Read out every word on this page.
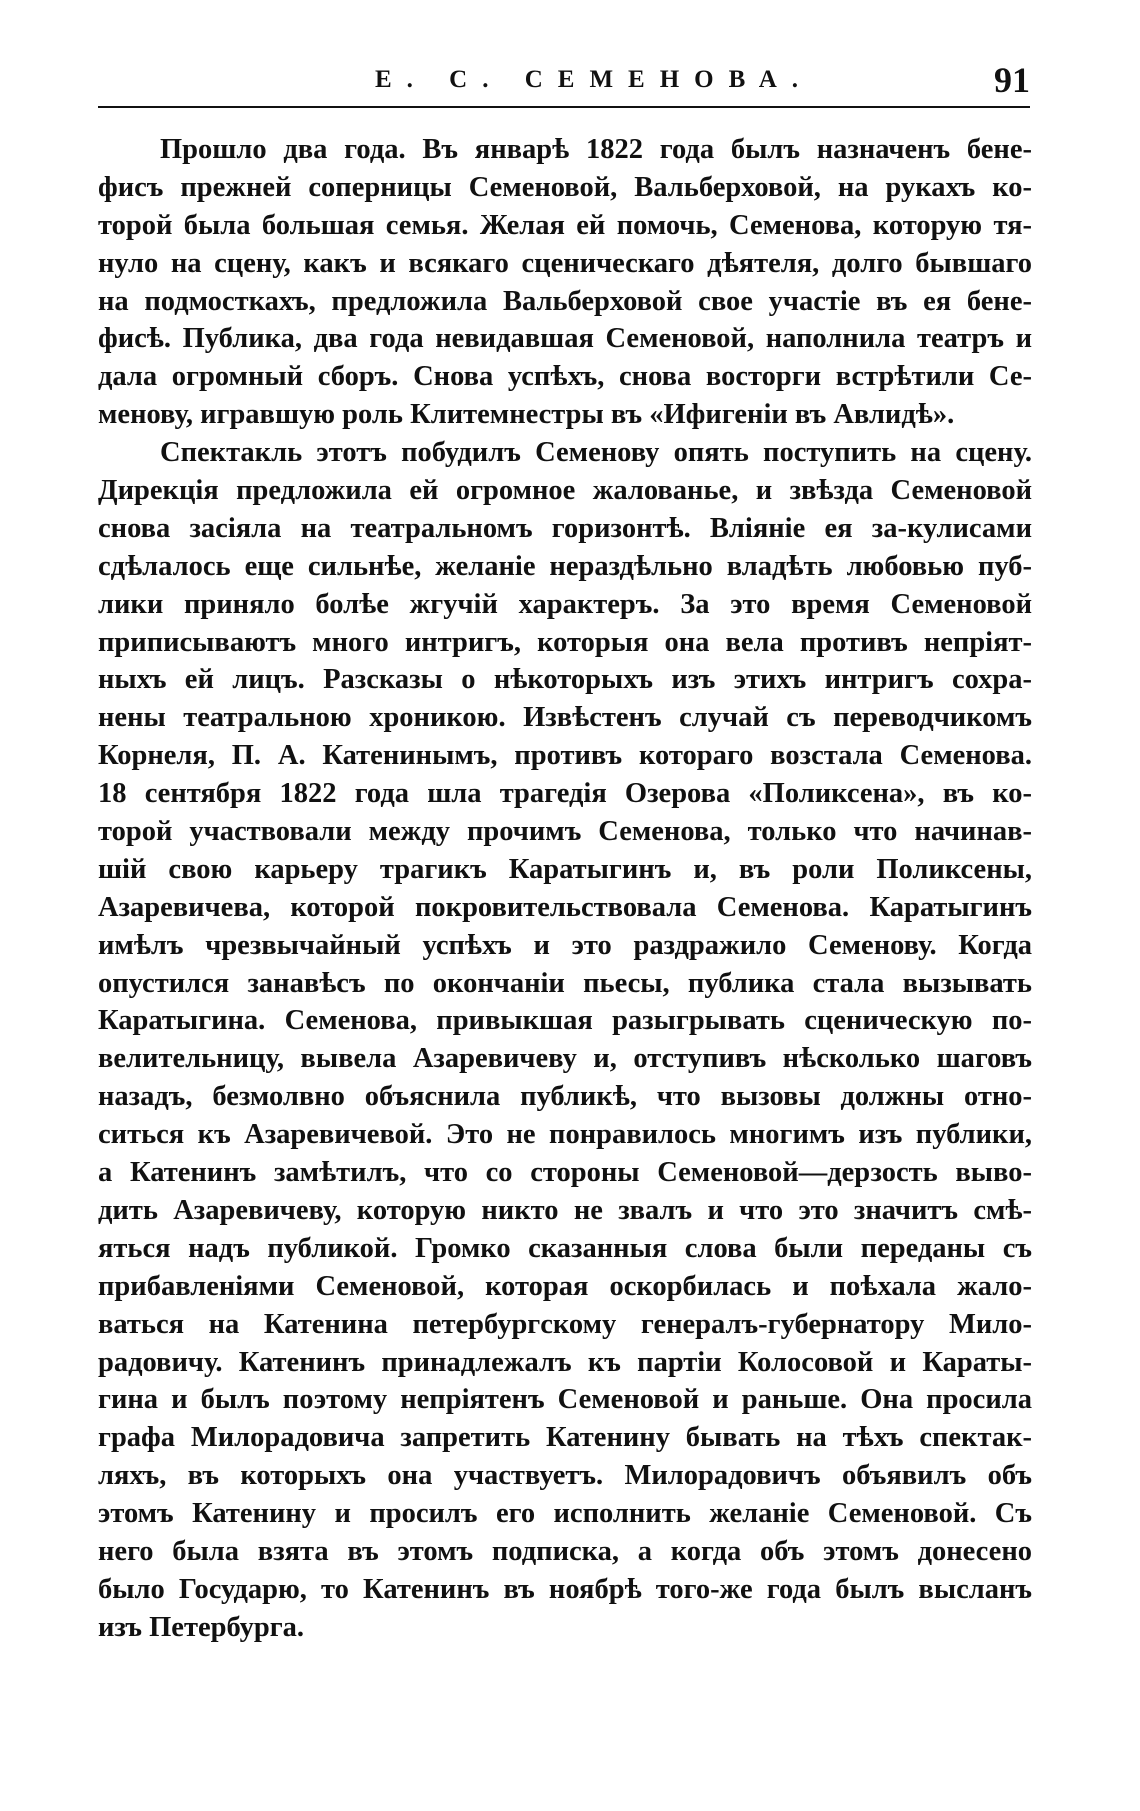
Е. С. СЕМЕНОВА.	91
Прошло два года. Въ январѣ 1822 года былъ назначенъ бене-
фисъ прежней соперницы Семеновой, Вальберховой, на рукахъ ко-
торой была большая семья. Желая ей помочь, Семенова, которую тя-
нуло на сцену, какъ и всякаго сценическаго дѣятеля, долго бывшаго
на подмосткахъ, предложила Вальберховой свое участіе въ ея бене-
фисѣ. Публика, два года невидавшая Семеновой, наполнила театръ и
дала огромный сборъ. Снова успѣхъ, снова восторги встрѣтили Се-
менову, игравшую роль Клитемнестры въ «Ифигеніи въ Авлидѣ».
Спектакль этотъ побудилъ Семенову опять поступить на сцену.
Дирекція предложила ей огромное жалованье, и звѣзда Семеновой
снова засіяла на театральномъ горизонтѣ. Вліяніе ея за-кулисами
сдѣлалось еще сильнѣе, желаніе нераздѣльно владѣть любовью пуб-
лики приняло болѣе жгучій характеръ. За это время Семеновой
приписываютъ много интригъ, которыя она вела противъ непріят-
ныхъ ей лицъ. Разсказы о нѣкоторыхъ изъ этихъ интригъ сохра-
нены театральною хроникою. Извѣстенъ случай съ переводчикомъ
Корнеля, П. А. Катенинымъ, противъ котораго возстала Семенова.
18 сентября 1822 года шла трагедія Озерова «Поликсена», въ ко-
торой участвовали между прочимъ Семенова, только что начинав-
шій свою карьеру трагикъ Каратыгинъ и, въ роли Поликсены,
Азаревичева, которой покровительствовала Семенова. Каратыгинъ
имѣлъ чрезвычайный успѣхъ и это раздражило Семенову. Когда
опустился занавѣсъ по окончаніи пьесы, публика стала вызывать
Каратыгина. Семенова, привыкшая разыгрывать сценическую по-
велительницу, вывела Азаревичеву и, отступивъ нѣсколько шаговъ
назадъ, безмолвно объяснила публикѣ, что вызовы должны отно-
ситься къ Азаревичевой. Это не понравилось многимъ изъ публики,
а Катенинъ замѣтилъ, что со стороны Семеновой—дерзость выво-
дить Азаревичеву, которую никто не звалъ и что это значитъ смѣ-
яться надъ публикой. Громко сказанныя слова были переданы съ
прибавленіями Семеновой, которая оскорбилась и поѣхала жало-
ваться на Катенина петербургскому генералъ-губернатору Мило-
радовичу. Катенинъ принадлежалъ къ партіи Колосовой и Караты-
гина и былъ поэтому непріятенъ Семеновой и раньше. Она просила
графа Милорадовича запретить Катенину бывать на тѣхъ спектак-
ляхъ, въ которыхъ она участвуетъ. Милорадовичъ объявилъ объ
этомъ Катенину и просилъ его исполнить желаніе Семеновой. Съ
него была взята въ этомъ подписка, а когда объ этомъ донесено
было Государю, то Катенинъ въ ноябрѣ того-же года былъ высланъ
изъ Петербурга.
